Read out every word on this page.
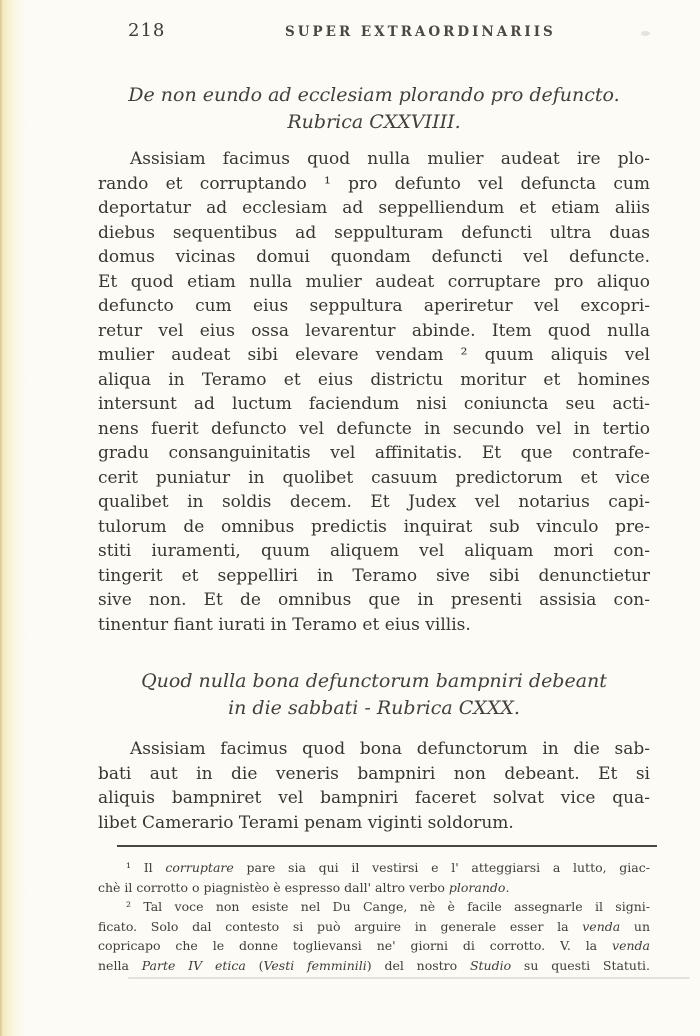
218	SUPER EXTRAORDINARIIS
De non eundo ad ecclesiam plorando pro defuncto.
Rubrica CXXVIIII.
Assisiam facimus quod nulla mulier audeat ire plo-
rando et corruptando ¹ pro defunto vel defuncta cum
deportatur ad ecclesiam ad seppelliendum et etiam aliis
diebus sequentibus ad seppulturam defuncti ultra duas
domus vicinas domui quondam defuncti vel defuncte.
Et quod etiam nulla mulier audeat corruptare pro aliquo
defuncto cum eius seppultura aperiretur vel excopri-
retur vel eius ossa levarentur abinde. Item quod nulla
mulier audeat sibi elevare vendam ² quum aliquis vel
aliqua in Teramo et eius districtu moritur et homines
intersunt ad luctum faciendum nisi coniuncta seu acti-
nens fuerit defuncto vel defuncte in secundo vel in tertio
gradu consanguinitatis vel affinitatis. Et que contrafe-
cerit puniatur in quolibet casuum predictorum et vice
qualibet in soldis decem. Et Judex vel notarius capi-
tulorum de omnibus predictis inquirat sub vinculo pre-
stiti iuramenti, quum aliquem vel aliquam mori con-
tingerit et seppelliri in Teramo sive sibi denunctietur
sive non. Et de omnibus que in presenti assisia con-
tinentur fiant iurati in Teramo et eius villis.
Quod nulla bona defunctorum bampniri debeant
in die sabbati - Rubrica CXXX.
Assisiam facimus quod bona defunctorum in die sab-
bati aut in die veneris bampniri non debeant. Et si
aliquis bampniret vel bampniri faceret solvat vice qua-
libet Camerario Terami penam viginti soldorum.
¹ Il corruptare pare sia qui il vestirsi e l' atteggiarsi a lutto, giac-
chè il corrotto o piagnistèo è espresso dall' altro verbo plorando.
² Tal voce non esiste nel Du Cange, nè è facile assegnarle il signi-
ficato. Solo dal contesto si può arguire in generale esser la venda un
copricapo che le donne toglievansi ne' giorni di corrotto. V. la venda
nella Parte IV etica (Vesti femminili) del nostro Studio su questi Statuti.
